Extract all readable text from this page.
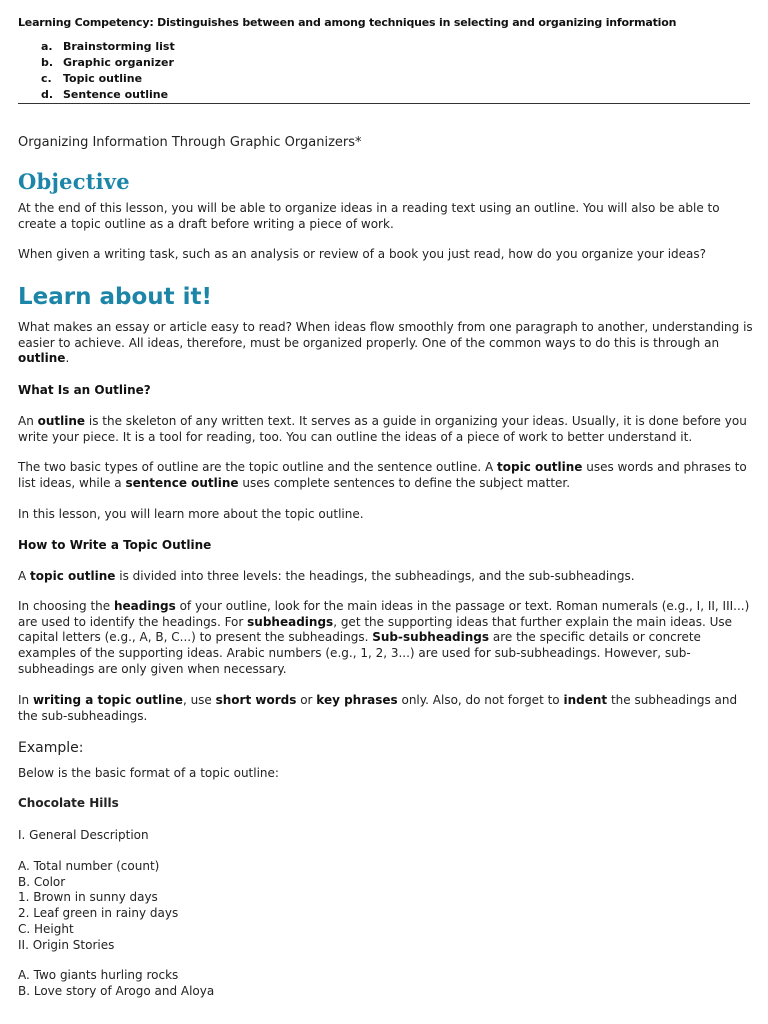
Learning Competency: Distinguishes between and among techniques in selecting and organizing information
a. Brainstorming list
b. Graphic organizer
c. Topic outline
d. Sentence outline
Organizing Information Through Graphic Organizers*
Objective
At the end of this lesson, you will be able to organize ideas in a reading text using an outline. You will also be able to create a topic outline as a draft before writing a piece of work.
When given a writing task, such as an analysis or review of a book you just read, how do you organize your ideas?
Learn about it!
What makes an essay or article easy to read? When ideas flow smoothly from one paragraph to another, understanding is easier to achieve. All ideas, therefore, must be organized properly. One of the common ways to do this is through an outline.
What Is an Outline?
An outline is the skeleton of any written text. It serves as a guide in organizing your ideas. Usually, it is done before you write your piece. It is a tool for reading, too. You can outline the ideas of a piece of work to better understand it.
The two basic types of outline are the topic outline and the sentence outline. A topic outline uses words and phrases to list ideas, while a sentence outline uses complete sentences to define the subject matter.
In this lesson, you will learn more about the topic outline.
How to Write a Topic Outline
A topic outline is divided into three levels: the headings, the subheadings, and the sub-subheadings.
In choosing the headings of your outline, look for the main ideas in the passage or text. Roman numerals (e.g., I, II, III...) are used to identify the headings. For subheadings, get the supporting ideas that further explain the main ideas. Use capital letters (e.g., A, B, C...) to present the subheadings. Sub-subheadings are the specific details or concrete examples of the supporting ideas. Arabic numbers (e.g., 1, 2, 3...) are used for sub-subheadings. However, sub-subheadings are only given when necessary.
In writing a topic outline, use short words or key phrases only. Also, do not forget to indent the subheadings and the sub-subheadings.
Example:
Below is the basic format of a topic outline:
Chocolate Hills
I. General Description
A. Total number (count)
B. Color
1. Brown in sunny days
2. Leaf green in rainy days
C. Height
II. Origin Stories
A. Two giants hurling rocks
B. Love story of Arogo and Aloya
